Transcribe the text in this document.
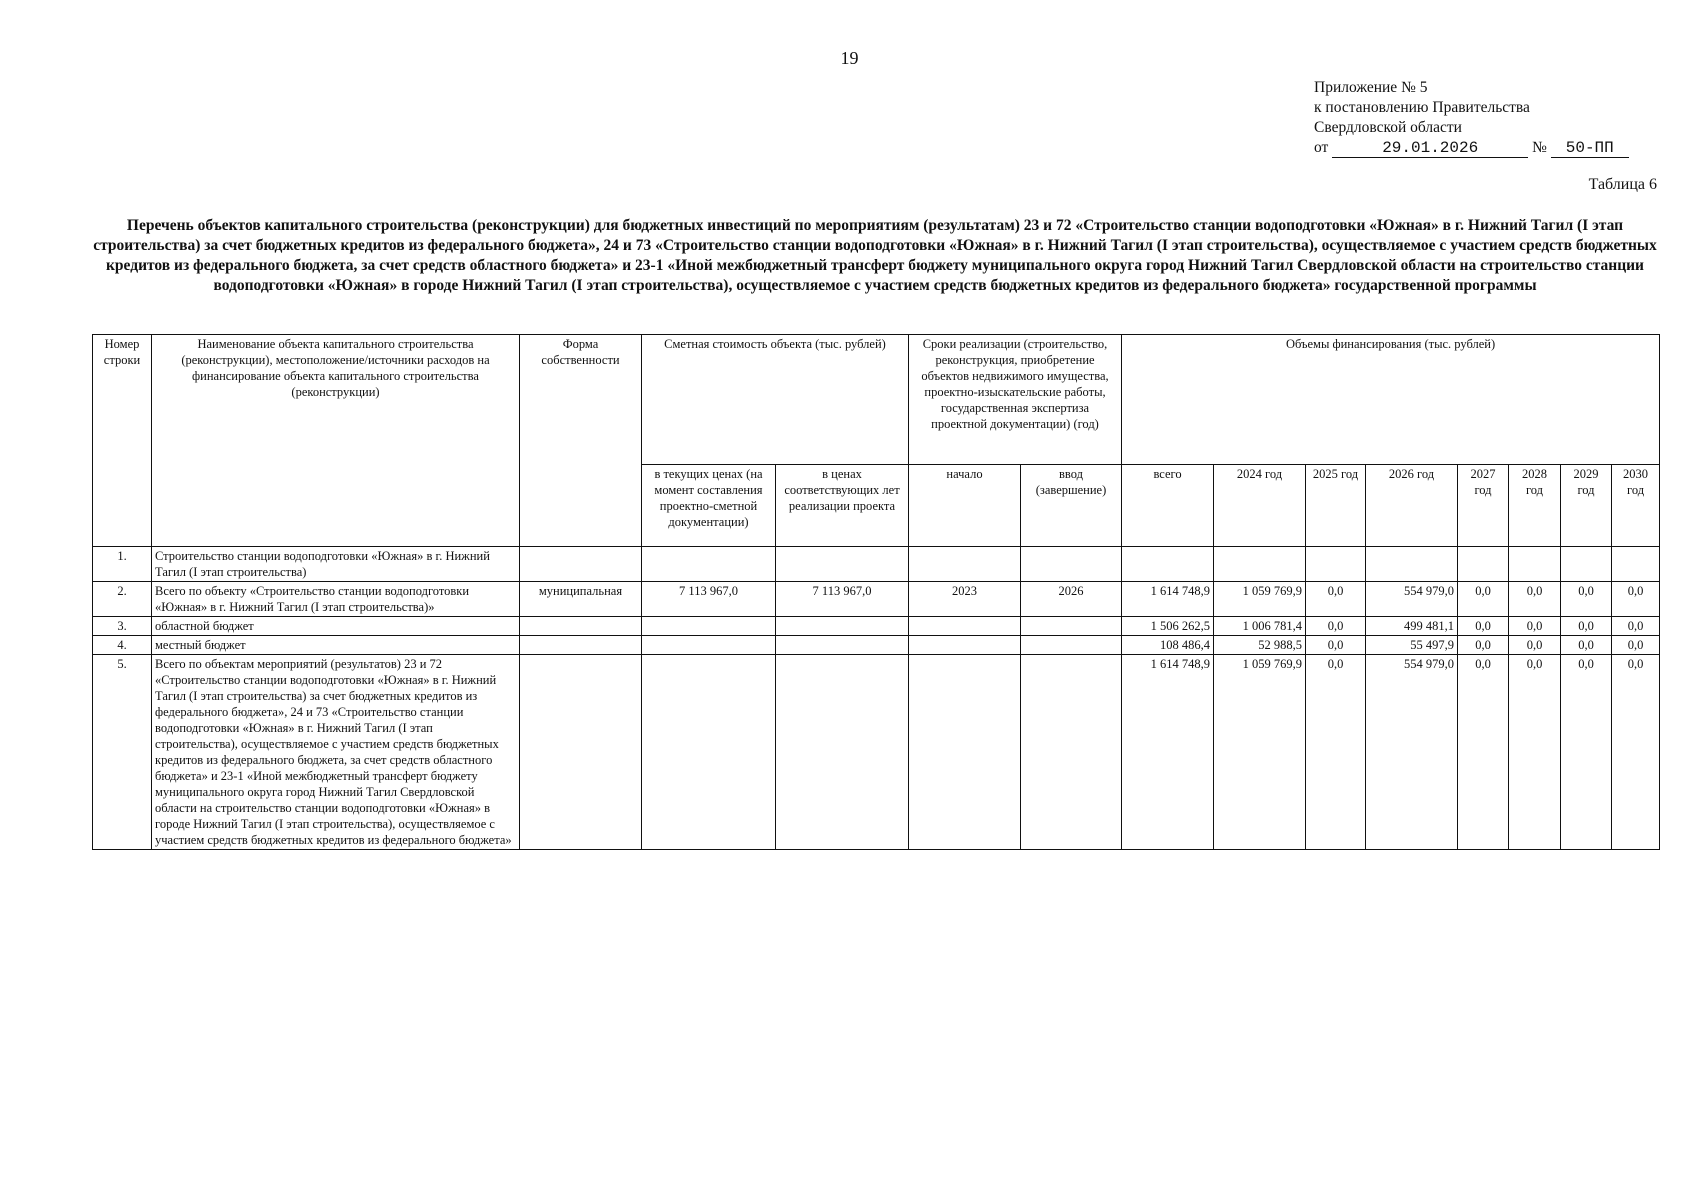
19
Приложение № 5
к постановлению Правительства
Свердловской области
от	29.01.2026	№ 50-ПП
Таблица 6
Перечень объектов капитального строительства (реконструкции) для бюджетных инвестиций по мероприятиям (результатам) 23 и 72 «Строительство станции водоподготовки «Южная» в г. Нижний Тагил (I этап строительства) за счет бюджетных кредитов из федерального бюджета», 24 и 73 «Строительство станции водоподготовки «Южная» в г. Нижний Тагил (I этап строительства), осуществляемое с участием средств бюджетных кредитов из федерального бюджета, за счет средств областного бюджета» и 23-1 «Иной межбюджетный трансферт бюджету муниципального округа город Нижний Тагил Свердловской области на строительство станции водоподготовки «Южная» в городе Нижний Тагил (I этап строительства), осуществляемое с участием средств бюджетных кредитов из федерального бюджета» государственной программы
Номер строки	Наименование объекта капитального строительства (реконструкции), местоположение/источники расходов на финансирование объекта капитального строительства (реконструкции)	Форма собственности	Сметная стоимость объекта (тыс. рублей)		Сроки реализации (строительство, реконструкция, приобретение объектов недвижимого имущества, проектно-изыскательские работы, государственная экспертиза проектной документации) (год)		Объемы финансирования (тыс. рублей)							
			в текущих ценах (на момент составления проектно-сметной документации)	в ценах соответствующих лет реализации проекта	начало	ввод (завершение)	всего	2024 год	2025 год	2026 год	2027 год	2028 год	2029 год	2030 год
1.	Строительство станции водоподготовки «Южная» в г. Нижний Тагил (I этап строительства)													
2.	Всего по объекту «Строительство станции водоподготовки «Южная» в г. Нижний Тагил (I этап строительства)»	муниципальная	7 113 967,0	7 113 967,0	2023	2026	1 614 748,9	1 059 769,9	0,0	554 979,0	0,0	0,0	0,0	0,0
3.	областной бюджет						1 506 262,5	1 006 781,4	0,0	499 481,1	0,0	0,0	0,0	0,0
4.	местный бюджет						108 486,4	52 988,5	0,0	55 497,9	0,0	0,0	0,0	0,0
5.	Всего по объектам мероприятий (результатов) 23 и 72 «Строительство станции водоподготовки «Южная» в г. Нижний Тагил (I этап строительства) за счет бюджетных кредитов из федерального бюджета», 24 и 73 «Строительство станции водоподготовки «Южная» в г. Нижний Тагил (I этап строительства), осуществляемое с участием средств бюджетных кредитов из федерального бюджета, за счет средств областного бюджета» и 23-1 «Иной межбюджетный трансферт бюджету муниципального округа город Нижний Тагил Свердловской области на строительство станции водоподготовки «Южная» в городе Нижний Тагил (I этап строительства), осуществляемое с участием средств бюджетных кредитов из федерального бюджета»						1 614 748,9	1 059 769,9	0,0	554 979,0	0,0	0,0	0,0	0,0
